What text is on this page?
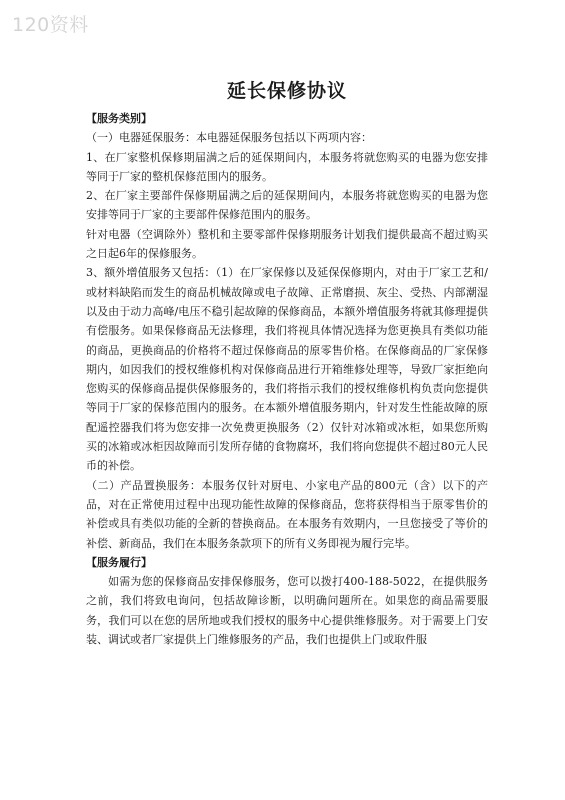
120资料
延长保修协议
【服务类别】

（一）电器延保服务：本电器延保服务包括以下两项内容：

1、在厂家整机保修期届满之后的延保期间内，本服务将就您购买的电器为您安排等同于厂家的整机保修范围内的服务。

2、在厂家主要部件保修期届满之后的延保期间内，本服务将就您购买的电器为您安排等同于厂家的主要部件保修范围内的服务。

针对电器（空调除外）整机和主要零部件保修期服务计划我们提供最高不超过购买之日起6年的保修服务。

3、额外增值服务又包括：（1）在厂家保修以及延保保修期内，对由于厂家工艺和/或材料缺陷而发生的商品机械故障或电子故障、正常磨损、灰尘、受热、内部潮湿以及由于动力高峰/电压不稳引起故障的保修商品，本额外增值服务将就其修理提供有偿服务。如果保修商品无法修理，我们将视具体情况选择为您更换具有类似功能的商品，更换商品的价格将不超过保修商品的原零售价格。在保修商品的厂家保修期内，如因我们的授权维修机构对保修商品进行开箱维修处理等，导致厂家拒绝向您购买的保修商品提供保修服务的，我们将指示我们的授权维修机构负责向您提供等同于厂家的保修范围内的服务。在本额外增值服务期内，针对发生性能故障的原配遥控器我们将为您安排一次免费更换服务（2）仅针对冰箱或冰柜，如果您所购买的冰箱或冰柜因故障而引发所存储的食物腐坏，我们将向您提供不超过80元人民币的补偿。

（二）产品置换服务：本服务仅针对厨电、小家电产品的800元（含）以下的产品，对在正常使用过程中出现功能性故障的保修商品，您将获得相当于原零售价的补偿或具有类似功能的全新的替换商品。在本服务有效期内，一旦您接受了等价的补偿、新商品，我们在本服务条款项下的所有义务即视为履行完毕。

【服务履行】

如需为您的保修商品安排保修服务，您可以拨打400-188-5022，在提供服务之前，我们将致电询问，包括故障诊断，以明确问题所在。如果您的商品需要服务，我们可以在您的居所地或我们授权的服务中心提供维修服务。对于需要上门安装、调试或者厂家提供上门维修服务的产品，我们也提供上门或取件服
